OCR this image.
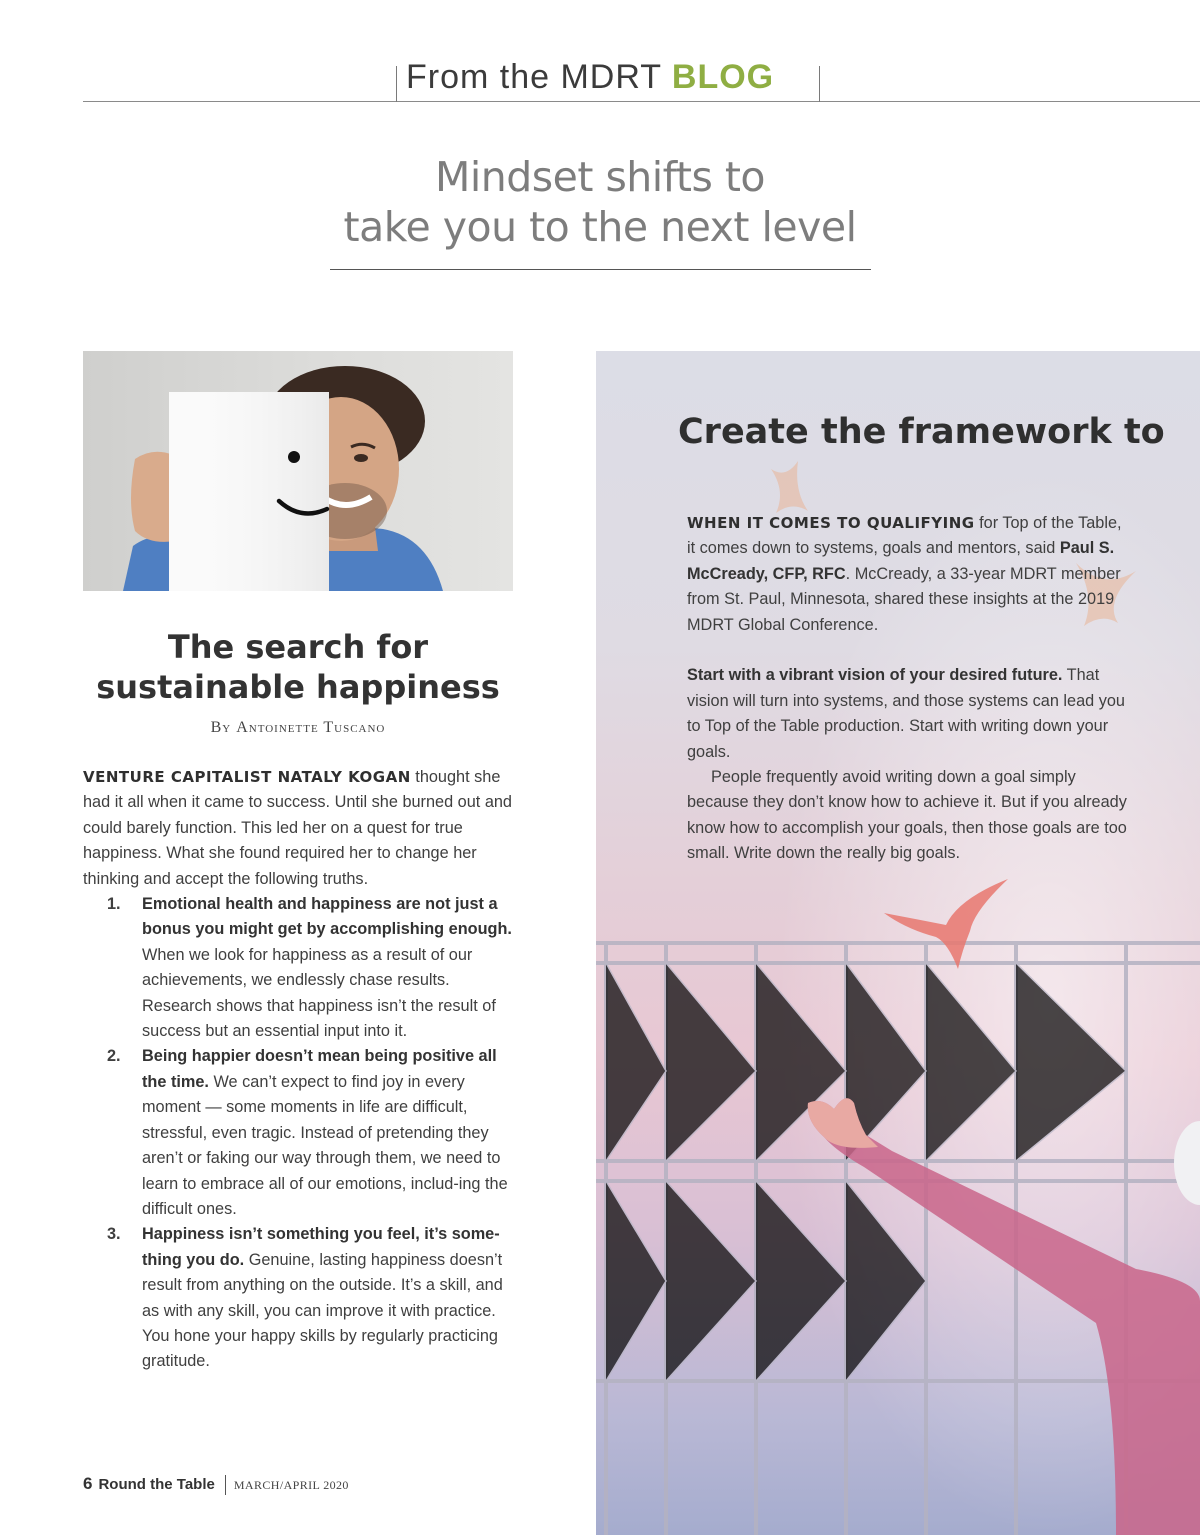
From the MDRT BLOG
Mindset shifts to
take you to the next level
The search for
sustainable happiness
By Antoinette Tuscano
VENTURE CAPITALIST NATALY KOGAN thought she had it all when it came to success. Until she burned out and could barely function. This led her on a quest for true happiness. What she found required her to change her thinking and accept the following truths.
1. Emotional health and happiness are not just a bonus you might get by accomplishing enough. When we look for happiness as a result of our achievements, we endlessly chase results. Research shows that happiness isn’t the result of success but an essential input into it.
2. Being happier doesn’t mean being positive all the time. We can’t expect to find joy in every moment — some moments in life are difficult, stressful, even tragic. Instead of pretending they aren’t or faking our way through them, we need to learn to embrace all of our emotions, includ-ing the difficult ones.
3. Happiness isn’t something you feel, it’s some-thing you do. Genuine, lasting happiness doesn’t result from anything on the outside. It’s a skill, and as with any skill, you can improve it with practice. You hone your happy skills by regularly practicing gratitude.
Create the framework to

WHEN IT COMES TO QUALIFYING for Top of the Table, it comes down to systems, goals and mentors, said Paul S. McCready, CFP, RFC. McCready, a 33-year MDRT member from St. Paul, Minnesota, shared these insights at the 2019 MDRT Global Conference.

Start with a vibrant vision of your desired future. That vision will turn into systems, and those systems can lead you to Top of the Table production. Start with writing down your goals.

People frequently avoid writing down a goal simply because they don’t know how to achieve it. But if you already know how to accomplish your goals, then those goals are too small. Write down the really big goals.

6 Round the Table MARCH/APRIL 2020
